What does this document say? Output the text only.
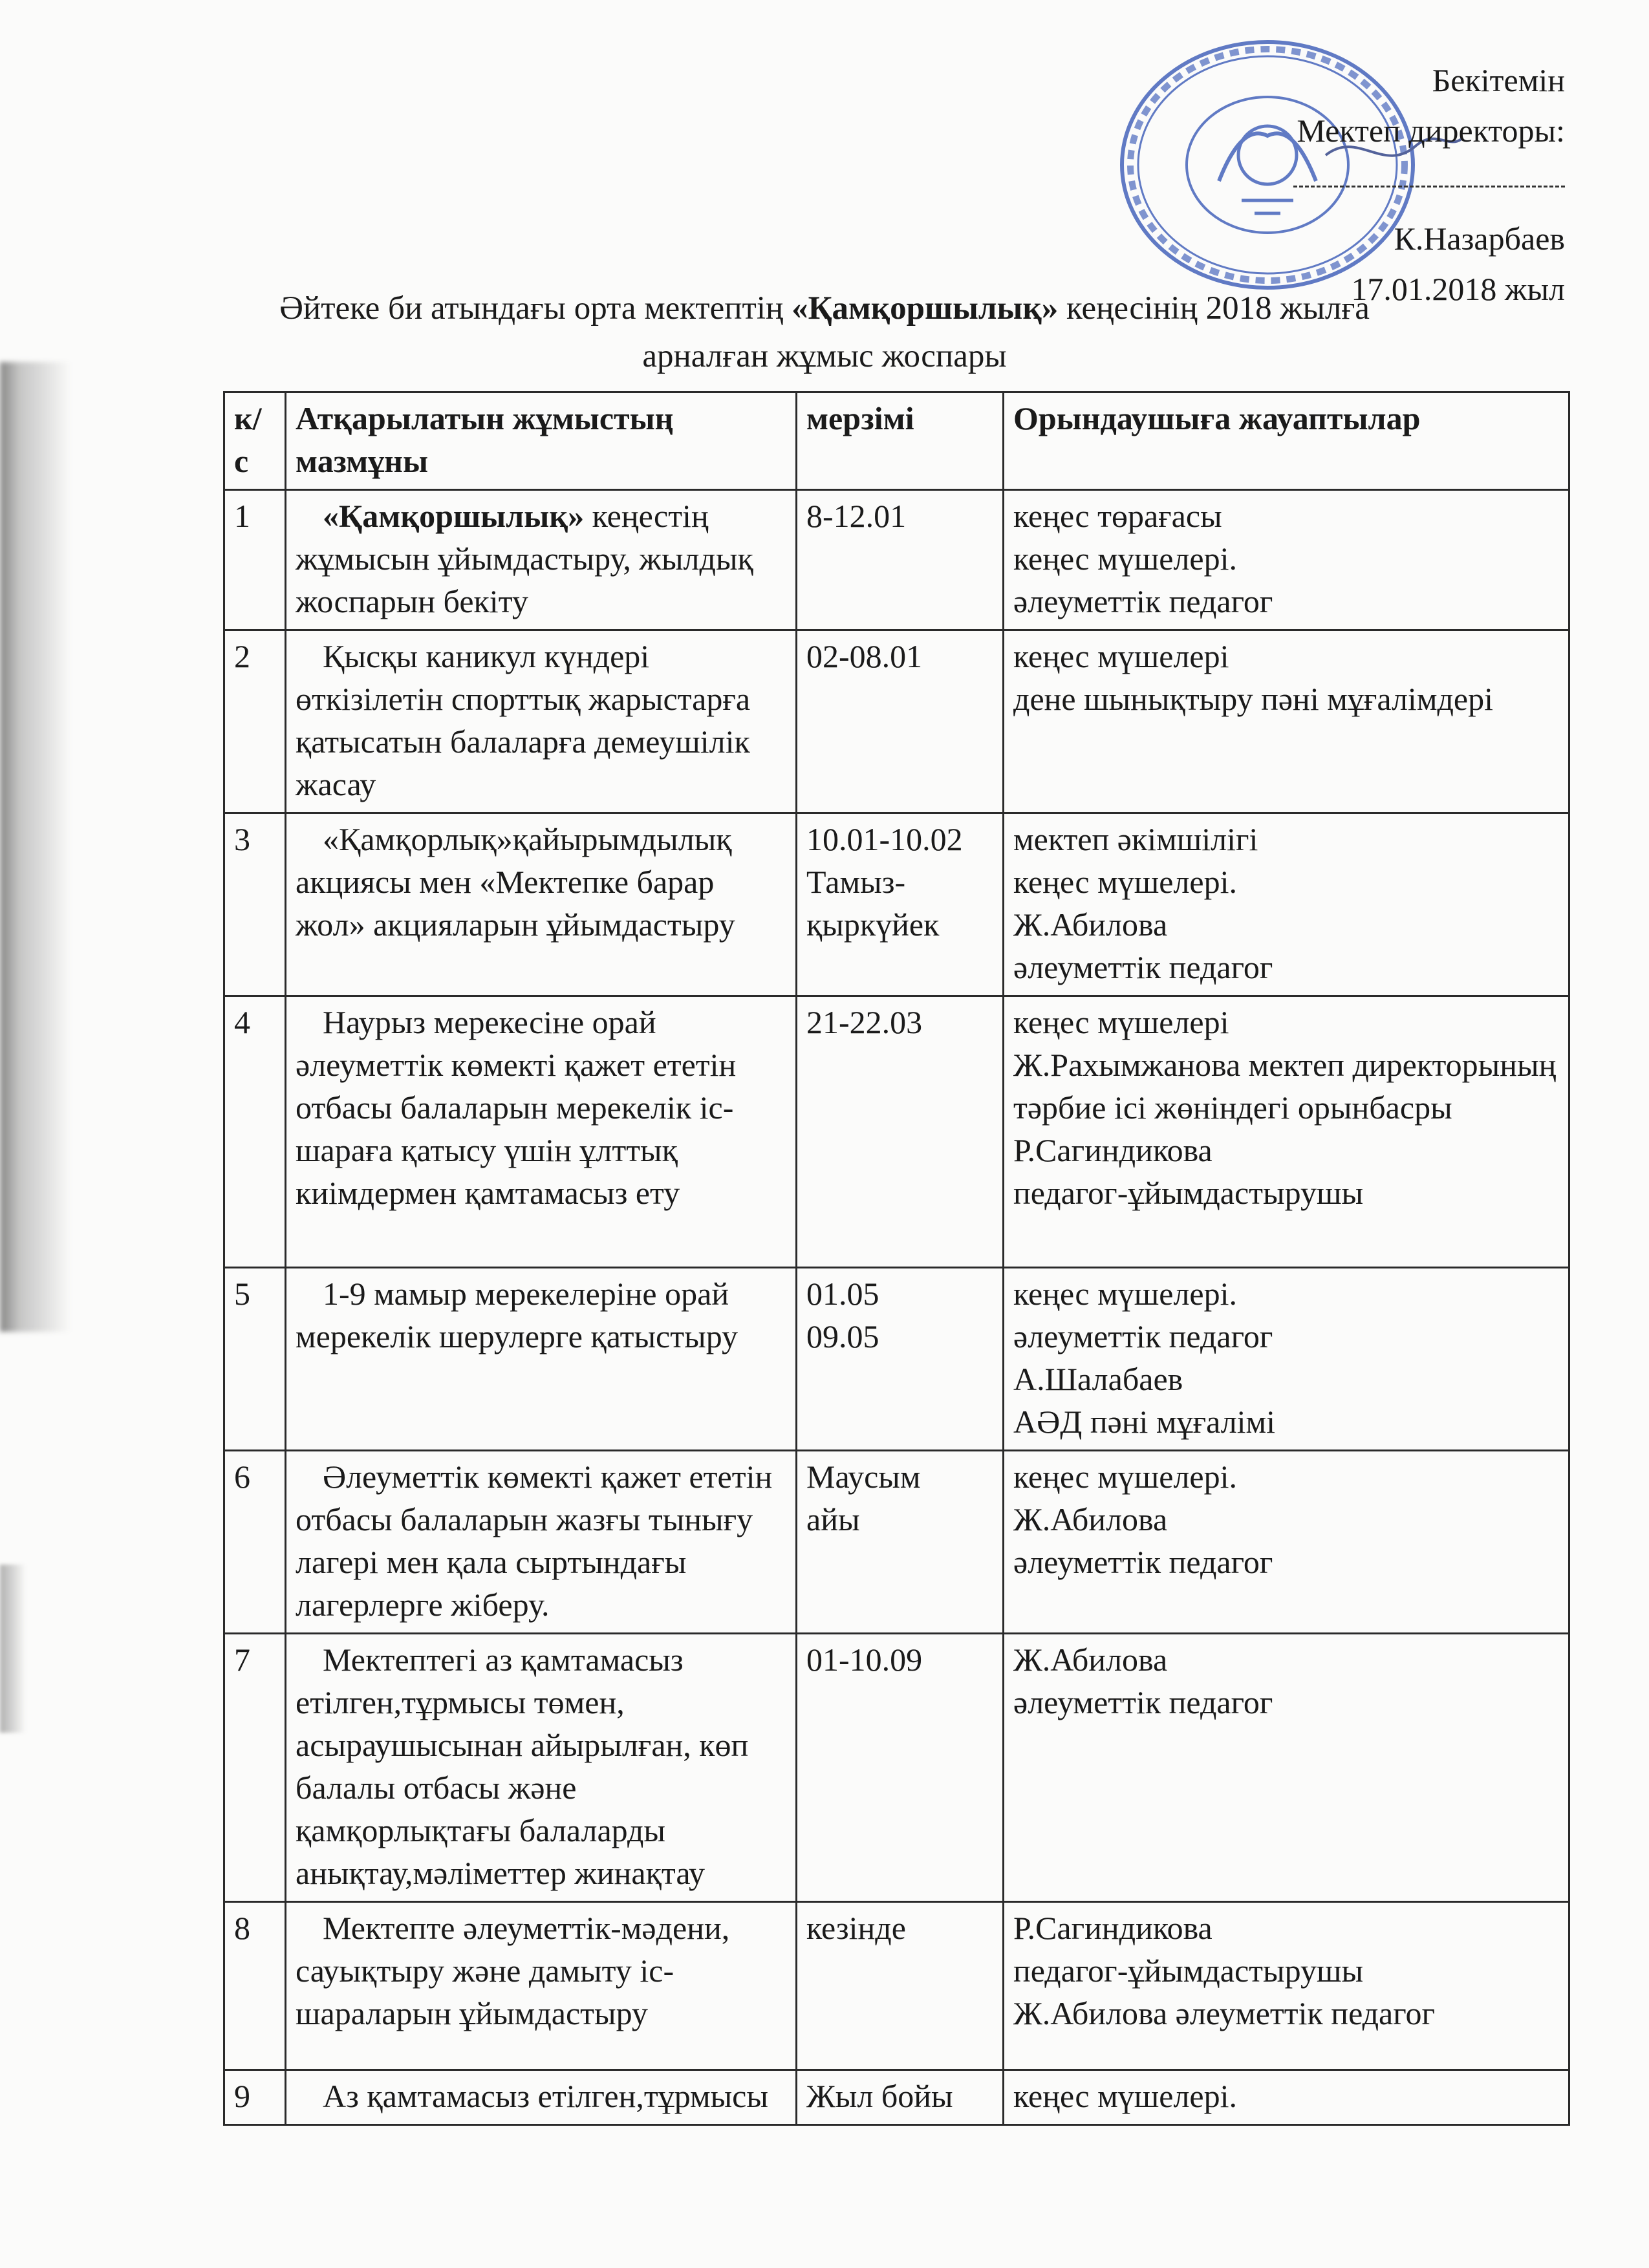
Бекітемін
Мектеп директоры:
К.Назарбаев
17.01.2018 жыл
Әйтеке би атындағы орта мектептің «Қамқоршылық» кеңесінің 2018 жылға
арналған жұмыс жоспары
к/с	Атқарылатын жұмыстың мазмұны	мерзімі	Орындаушыға жауаптылар
1	«Қамқоршылық» кеңестің жұмысын ұйымдастыру, жылдық жоспарын бекіту	8-12.01	кеңес төрағасы
кеңес мүшелері.
әлеуметтік педагог

2	Қысқы каникул күндері өткізілетін спорттық жарыстарға қатысатын балаларға демеушілік жасау	02-08.01	кеңес мүшелері
дене шынықтыру пәні мұғалімдері

3	«Қамқорлық»қайырымдылық акциясы мен «Мектепке барар жол» акцияларын ұйымдастыру	10.01-10.02
Тамыз-
қыркүйек	мектеп әкімшілігі
кеңес мүшелері.
Ж.Абилова
әлеуметтік педагог

4	Наурыз мерекесіне орай әлеуметтік көмекті қажет ететін отбасы балаларын мерекелік іс-шараға қатысу үшін ұлттық киімдермен қамтамасыз ету	21-22.03	кеңес мүшелері
Ж.Рахымжанова мектеп директорының тәрбие ісі жөніндегі орынбасры
Р.Сагиндикова
педагог-ұйымдастырушы

5	1-9 мамыр мерекелеріне орай мерекелік шерулерге қатыстыру	01.05
09.05	кеңес мүшелері.
әлеуметтік педагог
А.Шалабаев
АӘД пәні мұғалімі

6	Әлеуметтік көмекті қажет ететін отбасы балаларын жазғы тынығу лагері мен қала сыртындағы лагерлерге жіберу.	Маусым
айы	кеңес мүшелері.
Ж.Абилова
әлеуметтік педагог

7	Мектептегі аз қамтамасыз етілген,тұрмысы төмен, асыраушысынан айырылған, көп балалы отбасы және қамқорлықтағы балаларды анықтау,мәліметтер жинақтау	01-10.09	Ж.Абилова
әлеуметтік педагог

8	Мектепте әлеуметтік-мәдени, сауықтыру және дамыту іс-шараларын ұйымдастыру	кезінде	Р.Сагиндикова
педагог-ұйымдастырушы
Ж.Абилова әлеуметтік педагог

9	Аз қамтамасыз етілген,тұрмысы	Жыл бойы	кеңес мүшелері.
